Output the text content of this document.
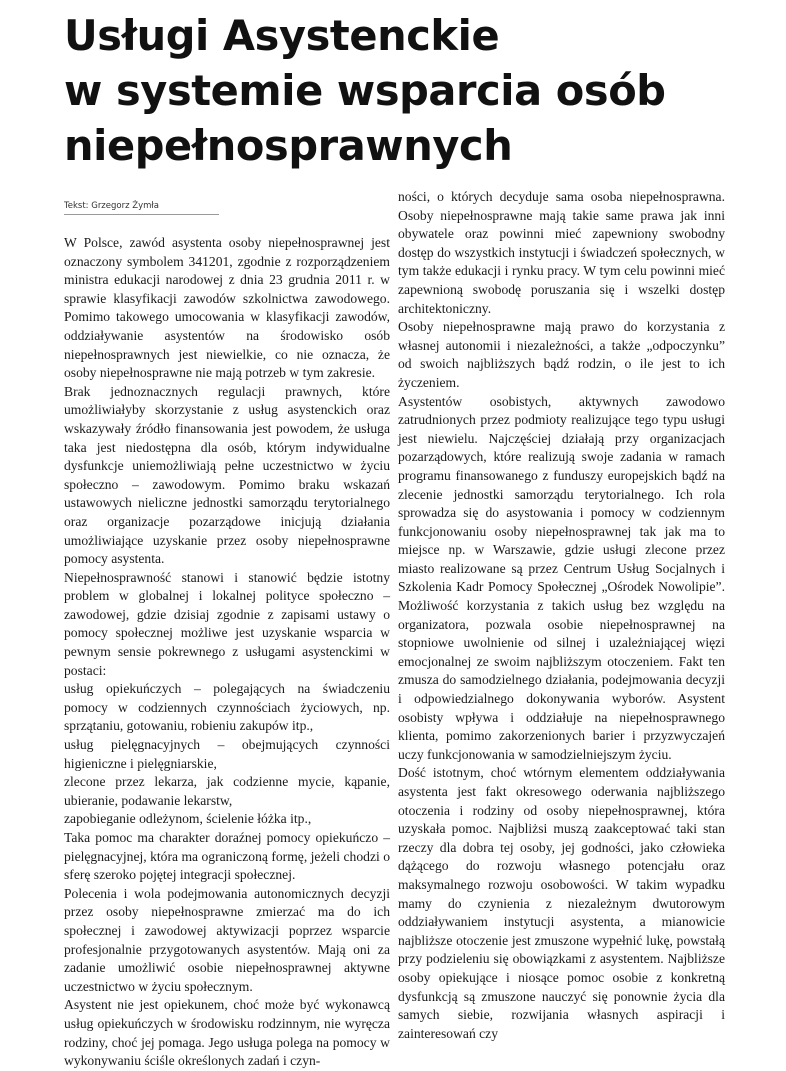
Usługi Asystenckie
w systemie wsparcia osób
niepełnosprawnych
Tekst: Grzegorz Żymła

W Polsce, zawód asystenta osoby niepełnosprawnej jest oznaczony symbolem 341201, zgodnie z rozporządzeniem ministra edukacji narodowej z dnia 23 grudnia 2011 r. w sprawie klasyfikacji zawodów szkolnictwa zawodowego. Pomimo takowego umocowania w klasyfikacji zawodów, oddziaływanie asystentów na środowisko osób niepełnosprawnych jest niewielkie, co nie oznacza, że osoby niepełnosprawne nie mają potrzeb w tym zakresie.

Brak jednoznacznych regulacji prawnych, które umożliwiałyby skorzystanie z usług asystenckich oraz wskazywały źródło finansowania jest powodem, że usługa taka jest niedostępna dla osób, którym indywidualne dysfunkcje uniemożliwiają pełne uczestnictwo w życiu społeczno – zawodowym. Pomimo braku wskazań ustawowych nieliczne jednostki samorządu terytorialnego oraz organizacje pozarządowe inicjują działania umożliwiające uzyskanie przez osoby niepełnosprawne pomocy asystenta.

Niepełnosprawność stanowi i stanowić będzie istotny problem w globalnej i lokalnej polityce społeczno – zawodowej, gdzie dzisiaj zgodnie z zapisami ustawy o pomocy społecznej możliwe jest uzyskanie wsparcia w pewnym sensie pokrewnego z usługami asystenckimi w postaci:

usług opiekuńczych – polegających na świadczeniu pomocy w codziennych czynnościach życiowych, np. sprzątaniu, gotowaniu, robieniu zakupów itp.,

usług pielęgnacyjnych – obejmujących czynności higieniczne i pielęgniarskie,

zlecone przez lekarza, jak codzienne mycie, kąpanie, ubieranie, podawanie lekarstw,

zapobieganie odleżynom, ścielenie łóżka itp.,

Taka pomoc ma charakter doraźnej pomocy opiekuńczo – pielęgnacyjnej, która ma ograniczoną formę, jeżeli chodzi o sferę szeroko pojętej integracji społecznej.

Polecenia i wola podejmowania autonomicznych decyzji przez osoby niepełnosprawne zmierzać ma do ich społecznej i zawodowej aktywizacji poprzez wsparcie profesjonalnie przygotowanych asystentów. Mają oni za zadanie umożliwić osobie niepełnosprawnej aktywne uczestnictwo w życiu społecznym.

Asystent nie jest opiekunem, choć może być wykonawcą usług opiekuńczych w środowisku rodzinnym, nie wyręcza rodziny, choć jej pomaga. Jego usługa polega na pomocy w wykonywaniu ściśle określonych zadań i czyn-

ności, o których decyduje sama osoba niepełnosprawna. Osoby niepełnosprawne mają takie same prawa jak inni obywatele oraz powinni mieć zapewniony swobodny dostęp do wszystkich instytucji i świadczeń społecznych, w tym także edukacji i rynku pracy. W tym celu powinni mieć zapewnioną swobodę poruszania się i wszelki dostęp architektoniczny.

Osoby niepełnosprawne mają prawo do korzystania z własnej autonomii i niezależności, a także „odpoczynku” od swoich najbliższych bądź rodzin, o ile jest to ich życzeniem.

Asystentów osobistych, aktywnych zawodowo zatrudnionych przez podmioty realizujące tego typu usługi jest niewielu. Najczęściej działają przy organizacjach pozarządowych, które realizują swoje zadania w ramach programu finansowanego z funduszy europejskich bądź na zlecenie jednostki samorządu terytorialnego. Ich rola sprowadza się do asystowania i pomocy w codziennym funkcjonowaniu osoby niepełnosprawnej tak jak ma to miejsce np. w Warszawie, gdzie usługi zlecone przez miasto realizowane są przez Centrum Usług Socjalnych i Szkolenia Kadr Pomocy Społecznej „Ośrodek Nowolipie”. Możliwość korzystania z takich usług bez względu na organizatora, pozwala osobie niepełnosprawnej na stopniowe uwolnienie od silnej i uzależniającej więzi emocjonalnej ze swoim najbliższym otoczeniem. Fakt ten zmusza do samodzielnego działania, podejmowania decyzji i odpowiedzialnego dokonywania wyborów. Asystent osobisty wpływa i oddziałuje na niepełnosprawnego klienta, pomimo zakorzenionych barier i przyzwyczajeń uczy funkcjonowania w samodzielniejszym życiu.

Dość istotnym, choć wtórnym elementem oddziaływania asystenta jest fakt okresowego oderwania najbliższego otoczenia i rodziny od osoby niepełnosprawnej, która uzyskała pomoc. Najbliżsi muszą zaakceptować taki stan rzeczy dla dobra tej osoby, jej godności, jako człowieka dążącego do rozwoju własnego potencjału oraz maksymalnego rozwoju osobowości. W takim wypadku mamy do czynienia z niezależnym dwutorowym oddziaływaniem instytucji asystenta, a mianowicie najbliższe otoczenie jest zmuszone wypełnić lukę, powstałą przy podzieleniu się obowiązkami z asystentem. Najbliższe osoby opiekujące i niosące pomoc osobie z konkretną dysfunkcją są zmuszone nauczyć się ponownie życia dla samych siebie, rozwijania własnych aspiracji i zainteresowań czy
